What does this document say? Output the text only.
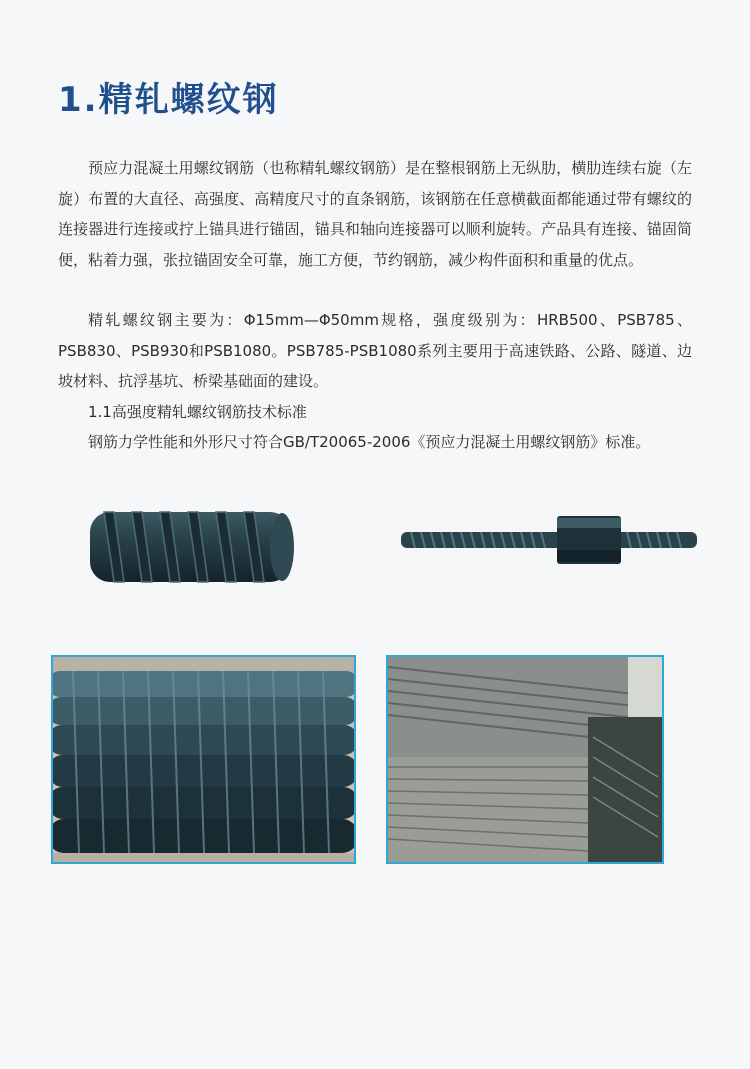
1.精轧螺纹钢

预应力混凝土用螺纹钢筋（也称精轧螺纹钢筋）是在整根钢筋上无纵肋，横肋连续右旋（左旋）布置的大直径、高强度、高精度尺寸的直条钢筋，该钢筋在任意横截面都能通过带有螺纹的连接器进行连接或拧上锚具进行锚固，锚具和轴向连接器可以顺利旋转。产品具有连接、锚固简便，粘着力强，张拉锚固安全可靠，施工方便，节约钢筋，减少构件面积和重量的优点。

精轧螺纹钢主要为：Φ15mm—Φ50mm规格，强度级别为：HRB500、PSB785、PSB830、PSB930和PSB1080。PSB785-PSB1080系列主要用于高速铁路、公路、隧道、边坡材料、抗浮基坑、桥梁基础面的建设。

1.1高强度精轧螺纹钢筋技术标准

钢筋力学性能和外形尺寸符合GB/T20065-2006《预应力混凝土用螺纹钢筋》标准。
